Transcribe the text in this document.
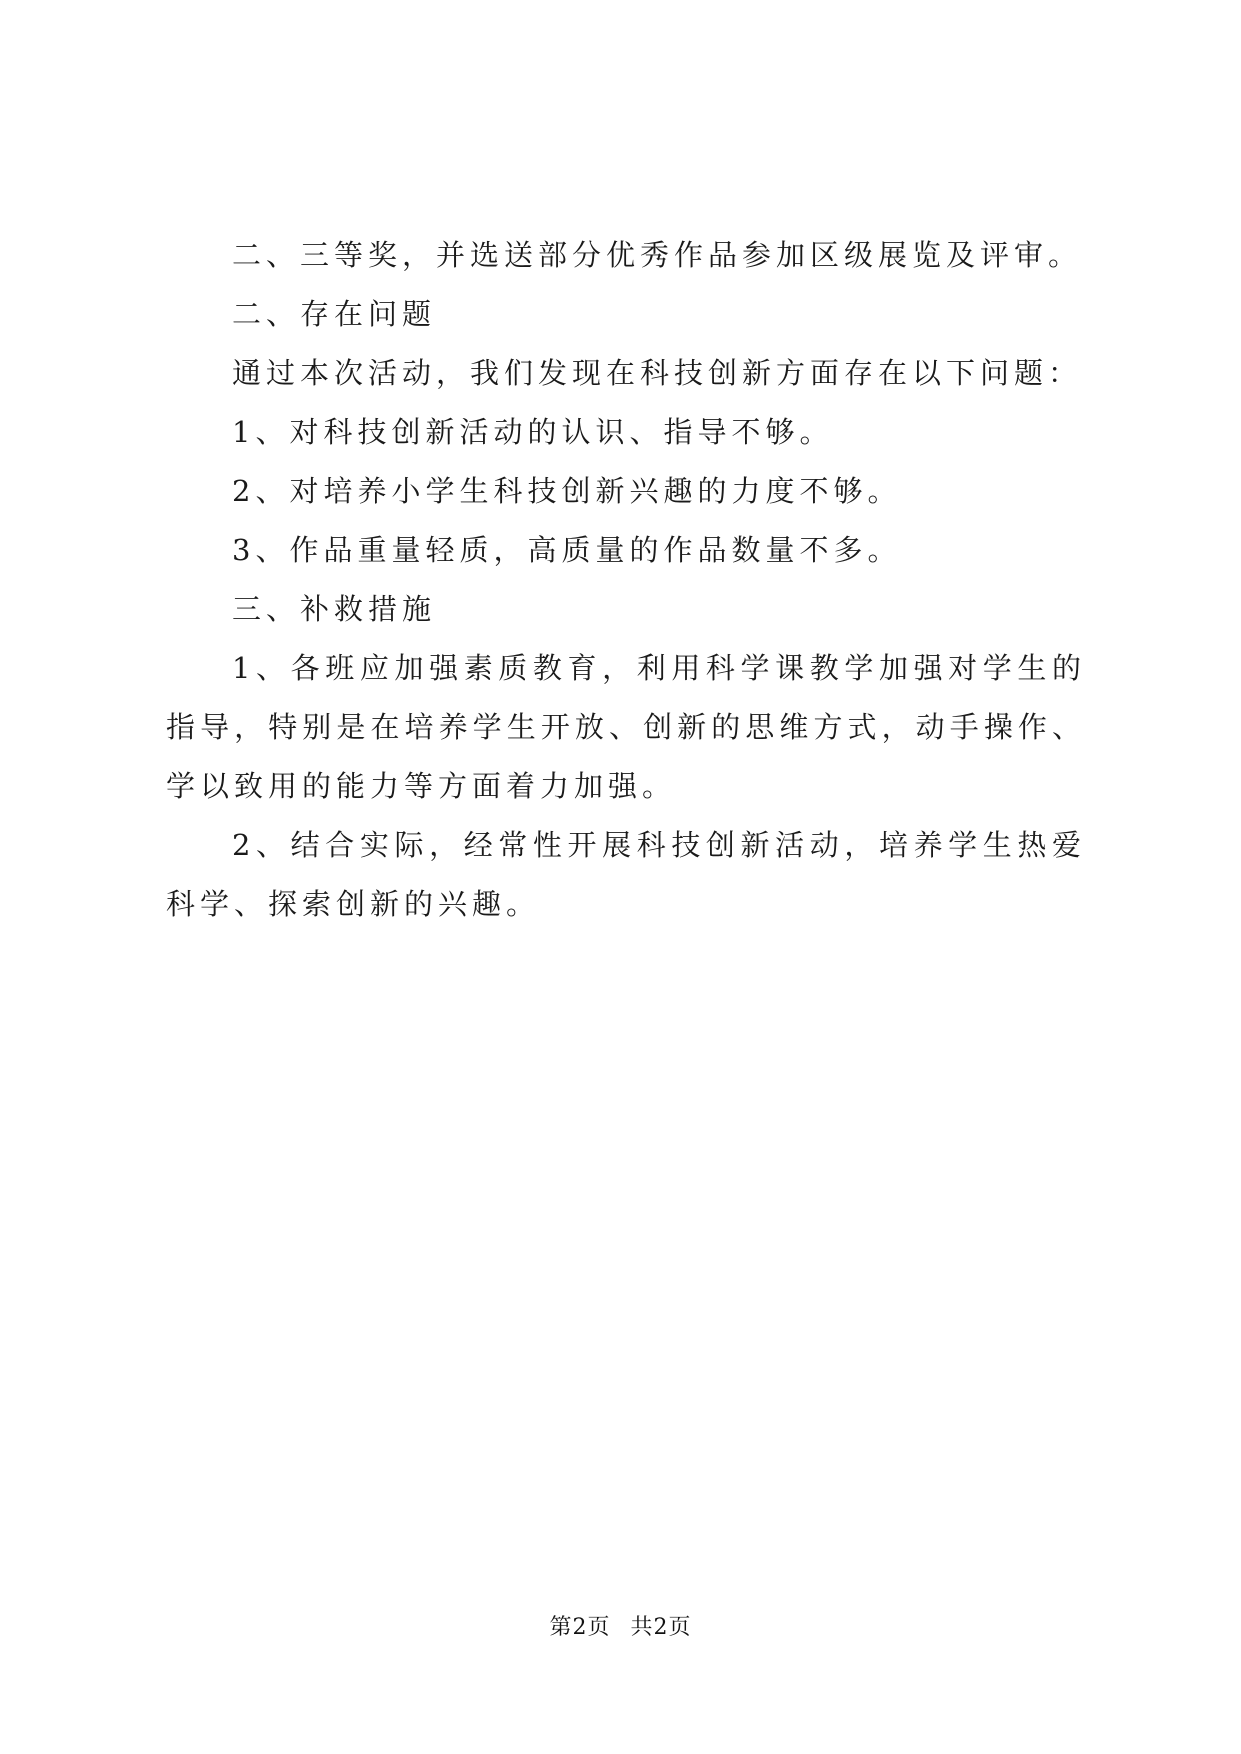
二、三等奖，并选送部分优秀作品参加区级展览及评审。

二、存在问题

通过本次活动，我们发现在科技创新方面存在以下问题：

1、对科技创新活动的认识、指导不够。

2、对培养小学生科技创新兴趣的力度不够。

3、作品重量轻质，高质量的作品数量不多。

三、补救措施

1、各班应加强素质教育，利用科学课教学加强对学生的指导，特别是在培养学生开放、创新的思维方式，动手操作、学以致用的能力等方面着力加强。

2、结合实际，经常性开展科技创新活动，培养学生热爱科学、探索创新的兴趣。

第2页 共2页
